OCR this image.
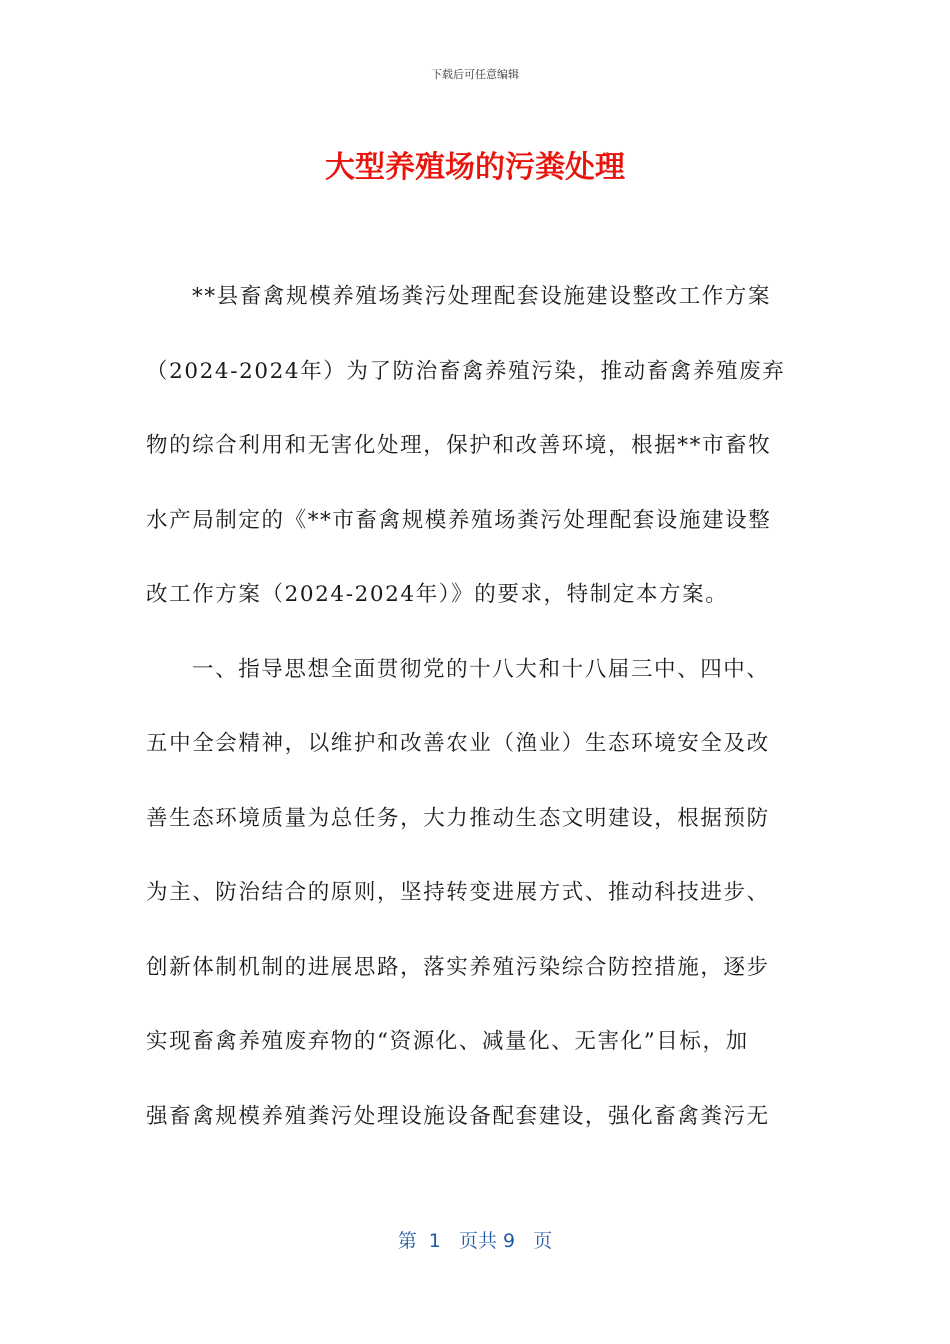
下载后可任意编辑
大型养殖场的污粪处理
**县畜禽规模养殖场粪污处理配套设施建设整改工作方案
（2024-2024年）为了防治畜禽养殖污染，推动畜禽养殖废弃
物的综合利用和无害化处理，保护和改善环境，根据**市畜牧
水产局制定的《**市畜禽规模养殖场粪污处理配套设施建设整
改工作方案（2024-2024年）》的要求，特制定本方案。
一、指导思想全面贯彻党的十八大和十八届三中、四中、
五中全会精神，以维护和改善农业（渔业）生态环境安全及改
善生态环境质量为总任务，大力推动生态文明建设，根据预防
为主、防治结合的原则，坚持转变进展方式、推动科技进步、
创新体制机制的进展思路，落实养殖污染综合防控措施，逐步
实现畜禽养殖废弃物的“资源化、减量化、无害化”目标，加
强畜禽规模养殖粪污处理设施设备配套建设，强化畜禽粪污无
第  1   页共 9   页
